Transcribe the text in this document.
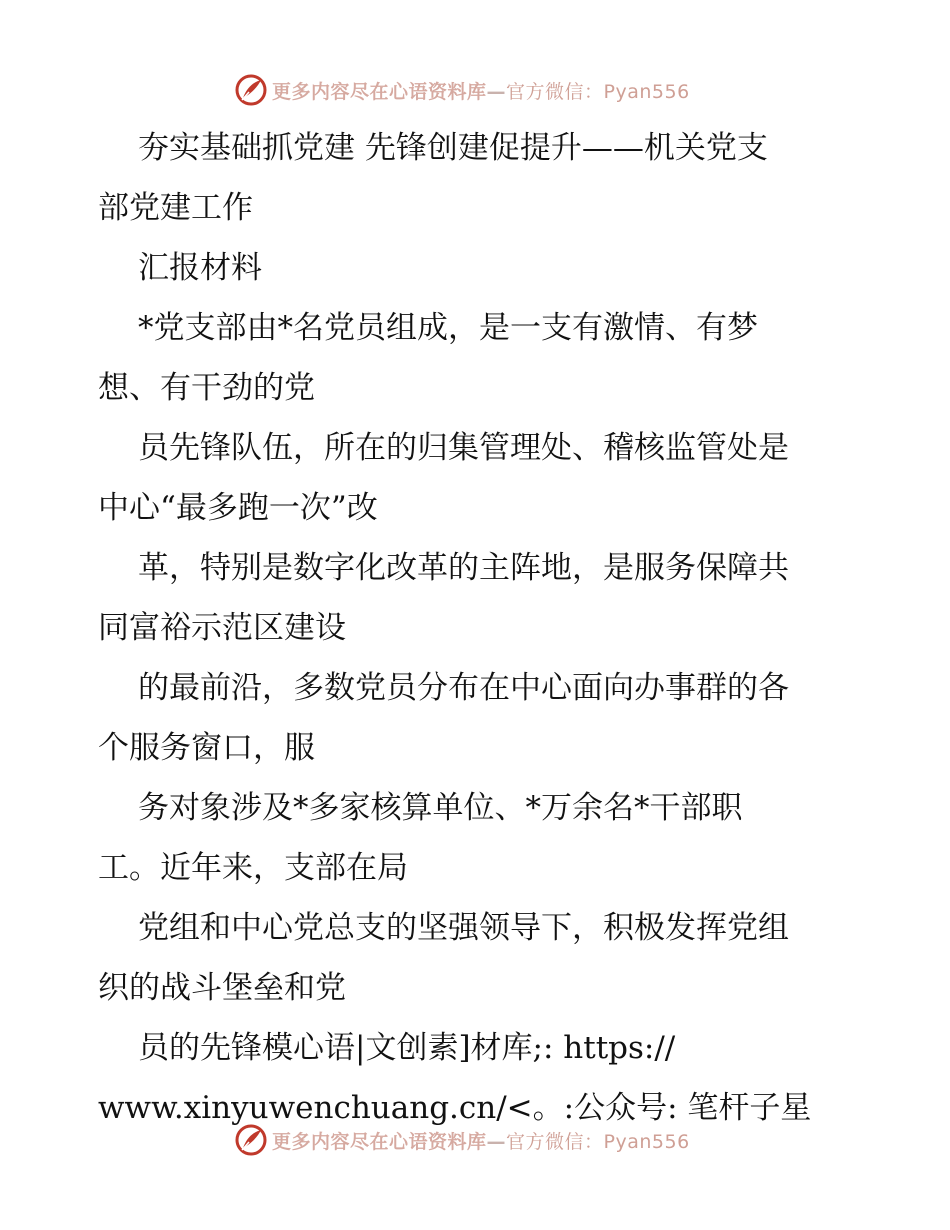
更多内容尽在心语资料库—官方微信：Pyan556
夯实基础抓党建 先锋创建促提升——机关党支
部党建工作
汇报材料
*党支部由*名党员组成，是一支有激情、有梦
想、有干劲的党
员先锋队伍，所在的归集管理处、稽核监管处是
中心“最多跑一次”改
革，特别是数字化改革的主阵地，是服务保障共
同富裕示范区建设
的最前沿，多数党员分布在中心面向办事群的各
个服务窗口，服
务对象涉及*多家核算单位、*万余名*干部职
工。近年来，支部在局
党组和中心党总支的坚强领导下，积极发挥党组
织的战斗堡垒和党
员的先锋模心语|文创素]材库;: https://
www.xinyuwenchuang.cn/<。:公众号: 笔杆子星
更多内容尽在心语资料库—官方微信：Pyan556
